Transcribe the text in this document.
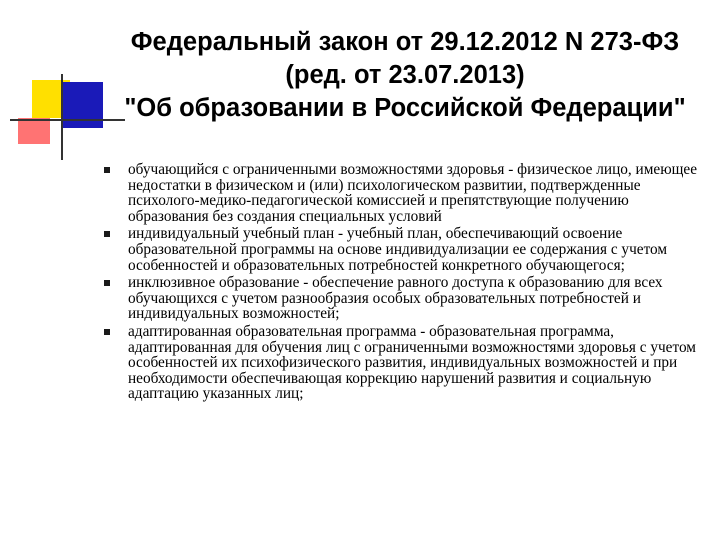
Федеральный закон от 29.12.2012 N 273-ФЗ
(ред. от 23.07.2013)
"Об образовании в Российской Федерации"
обучающийся с ограниченными возможностями здоровья - физическое лицо, имеющее недостатки в физическом и (или) психологическом развитии, подтвержденные психолого-медико-педагогической комиссией и препятствующие получению образования без создания специальных условий
индивидуальный учебный план - учебный план, обеспечивающий освоение образовательной программы на основе индивидуализации ее содержания с учетом особенностей и образовательных потребностей конкретного обучающегося;
инклюзивное образование - обеспечение равного доступа к образованию для всех обучающихся с учетом разнообразия особых образовательных потребностей и индивидуальных возможностей;
адаптированная образовательная программа - образовательная программа, адаптированная для обучения лиц с ограниченными возможностями здоровья с учетом особенностей их психофизического развития, индивидуальных возможностей и при необходимости обеспечивающая коррекцию нарушений развития и социальную адаптацию указанных лиц;
